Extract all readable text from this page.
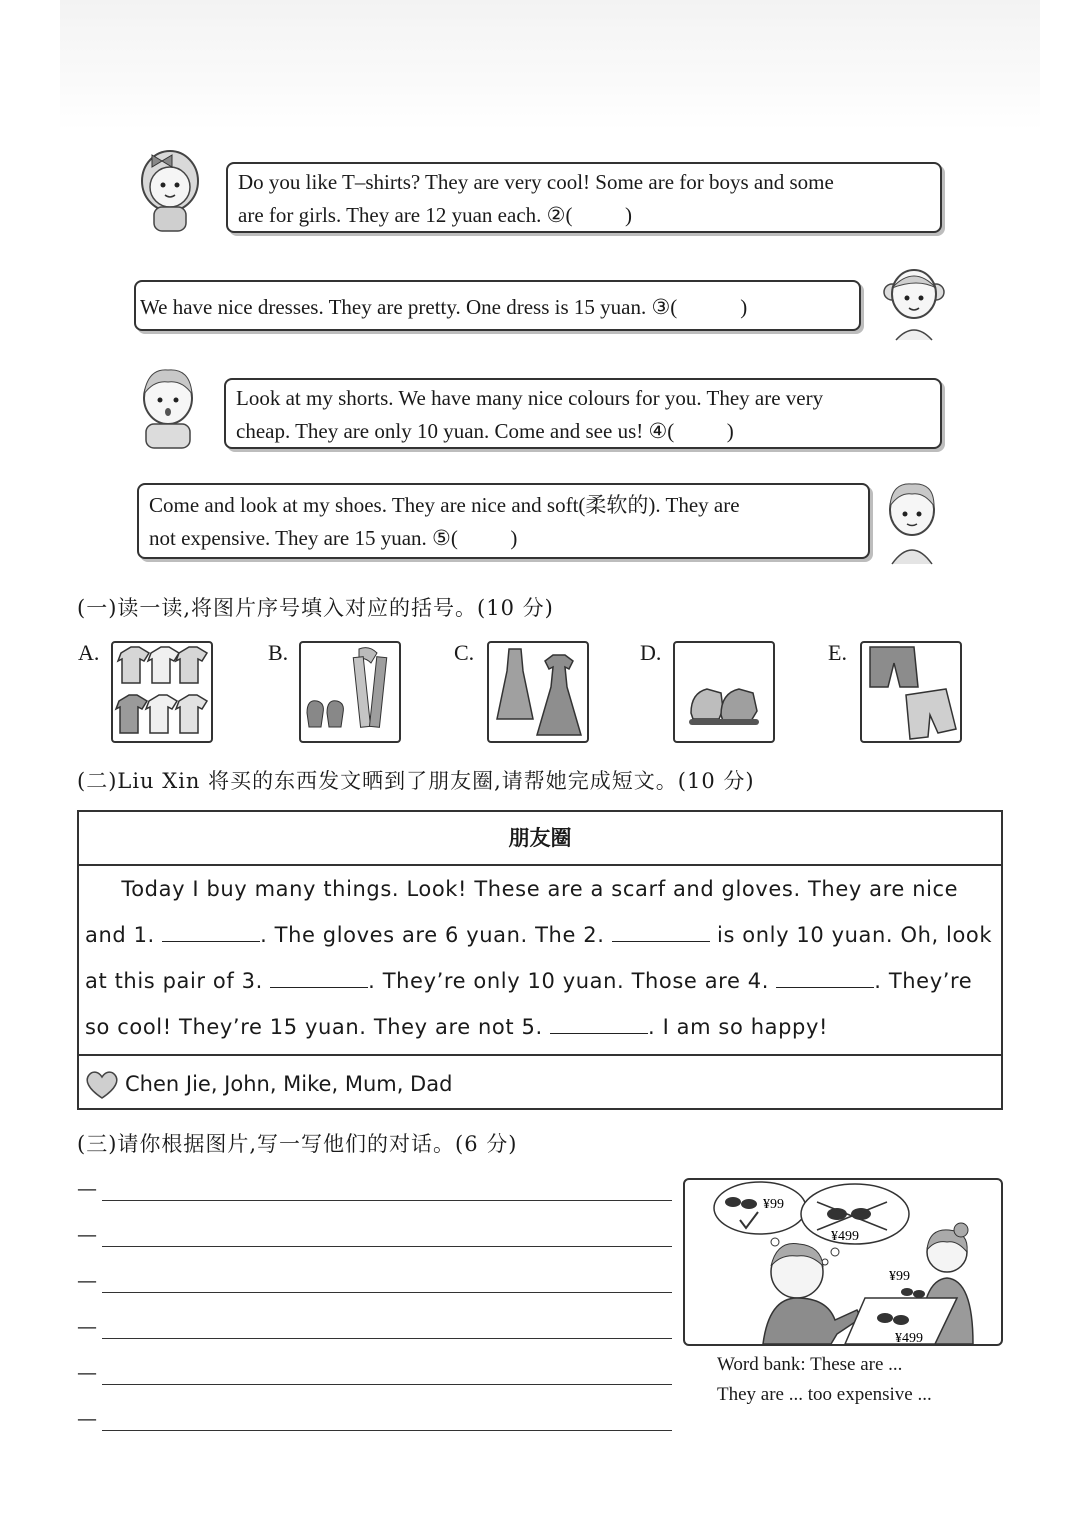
Do you like T–shirts? They are very cool! Some are for boys and some
are for girls. They are 12 yuan each. ②(          )
We have nice dresses. They are pretty. One dress is 15 yuan. ③(            )
Look at my shorts. We have many nice colours for you. They are very
cheap. They are only 10 yuan. Come and see us! ④(          )
Come and look at my shoes. They are nice and soft(柔软的). They are
not expensive. They are 15 yuan. ⑤(          )
(一)读一读,将图片序号填入对应的括号。(10 分)
A.	B.	C.	D.	E.
(二)Liu Xin 将买的东西发文晒到了朋友圈,请帮她完成短文。(10 分)
朋友圈
Today I buy many things. Look! These are a scarf and gloves. They are nice
and 1.	. The gloves are 6 yuan. The 2.	is only 10 yuan. Oh, look
at this pair of 3.	. They’re only 10 yuan. Those are 4.	. They’re
so cool! They’re 15 yuan. They are not 5.	. I am so happy!
Chen Jie, John, Mike, Mum, Dad
(三)请你根据图片,写一写他们的对话。(6 分)
—
—
—
—
—
—
¥99
¥499
¥99
¥499
Word bank: These are ...
They are ... too expensive ...
